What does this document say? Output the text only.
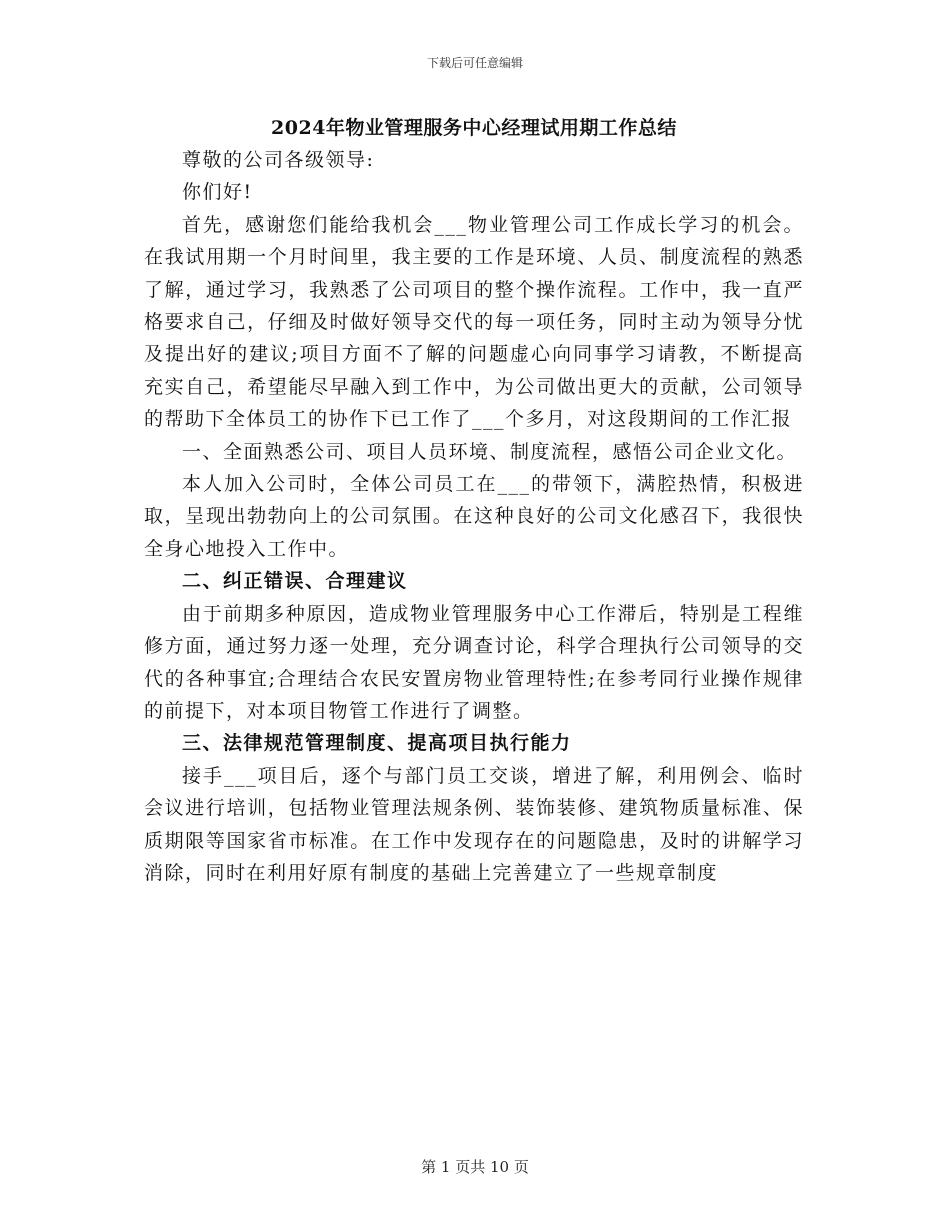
下载后可任意编辑
2024年物业管理服务中心经理试用期工作总结

尊敬的公司各级领导:

你们好!

首先，感谢您们能给我机会___物业管理公司工作成长学习的机会。在我试用期一个月时间里，我主要的工作是环境、人员、制度流程的熟悉了解，通过学习，我熟悉了公司项目的整个操作流程。工作中，我一直严格要求自己，仔细及时做好领导交代的每一项任务，同时主动为领导分忧及提出好的建议;项目方面不了解的问题虚心向同事学习请教，不断提高充实自己，希望能尽早融入到工作中，为公司做出更大的贡献，公司领导的帮助下全体员工的协作下已工作了___个多月，对这段期间的工作汇报

一、全面熟悉公司、项目人员环境、制度流程，感悟公司企业文化。

本人加入公司时，全体公司员工在___的带领下，满腔热情，积极进取，呈现出勃勃向上的公司氛围。在这种良好的公司文化感召下，我很快全身心地投入工作中。

二、纠正错误、合理建议

由于前期多种原因，造成物业管理服务中心工作滞后，特别是工程维修方面，通过努力逐一处理，充分调查讨论，科学合理执行公司领导的交代的各种事宜;合理结合农民安置房物业管理特性;在参考同行业操作规律的前提下，对本项目物管工作进行了调整。

三、法律规范管理制度、提高项目执行能力

接手___项目后，逐个与部门员工交谈，增进了解，利用例会、临时会议进行培训，包括物业管理法规条例、装饰装修、建筑物质量标准、保质期限等国家省市标准。在工作中发现存在的问题隐患，及时的讲解学习消除，同时在利用好原有制度的基础上完善建立了一些规章制度

第 1 页共 10 页
